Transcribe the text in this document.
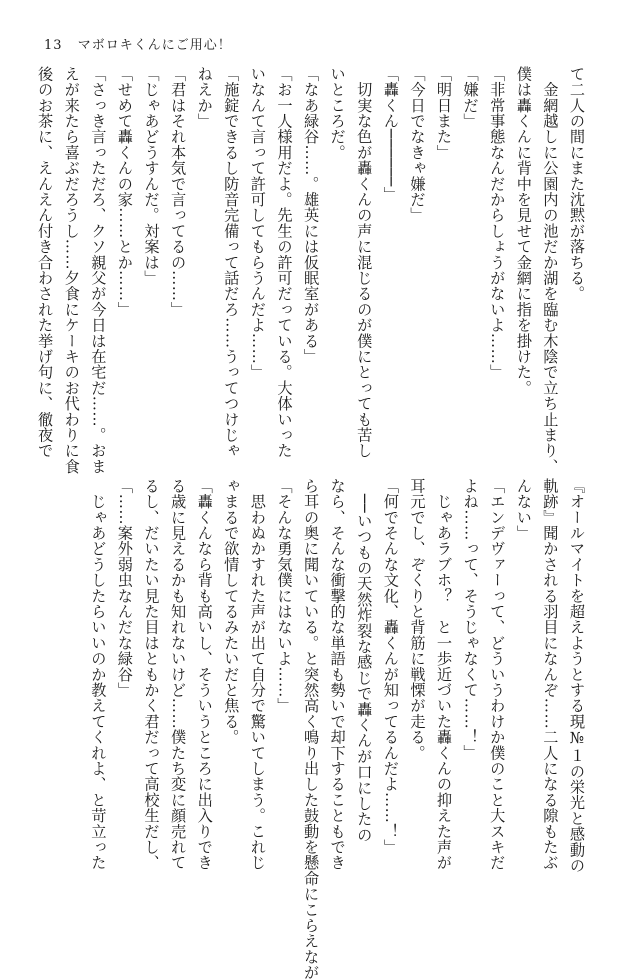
13 マボロキくんにご用心！
て二人の間にまた沈黙が落ちる。
　金網越しに公園内の池だか湖を臨む木陰で立ち止まり、
僕は轟くんに背中を見せて金網に指を掛けた。
「非常事態なんだからしょうがないよ……」
「嫌だ」
「明日また」
「今日でなきゃ嫌だ」
「轟くん──────」
　切実な色が轟くんの声に混じるのが僕にとっても苦し
いところだ。
「なあ緑谷……。雄英には仮眠室がある」
「お一人様用だよ。先生の許可だっている。大体いった
いなんて言って許可してもらうんだよ……」
「施錠できるし防音完備って話だろ……うってつけじゃ
ねえか」
「君はそれ本気で言ってるの……」
「じゃあどうすんだ。対案は」
「せめて轟くんの家……とか……」
「さっき言っただろ、クソ親父が今日は在宅だ……。おま
えが来たら喜ぶだろうし……夕食にケーキのお代わりに食
後のお茶に、えんえん付き合わされた挙げ句に、徹夜で
『オールマイトを超えようとする現№１の栄光と感動の
軌跡』聞かされる羽目になんぞ……二人になる隙もたぶ
んない」
「エンデヴァーって、どういうわけか僕のこと大スキだ
よね……って、そうじゃなくて……！」
　じゃあラブホ？　と一歩近づいた轟くんの抑えた声が
耳元でし、ぞくりと背筋に戦慄が走る。
「何でそんな文化、轟くんが知ってるんだよ……！」
　──いつもの天然炸裂な感じで轟くんが口にしたの
なら、そんな衝撃的な単語も勢いで却下することもでき
ら耳の奥に聞いている。と突然高く鳴り出した鼓動を懸命にこらえなが
「そんな勇気僕にはないよ……」
　思わぬかすれた声が出て自分で驚いてしまう。これじ
ゃまるで欲情してるみたいだと焦る。
「轟くんなら背も高いし、そういうところに出入りでき
る歳に見えるかも知れないけど……僕たち変に顔売れて
るし、だいたい見た目はともかく君だって高校生だし、
「……案外弱虫なんだな緑谷」
　じゃあどうしたらいいのか教えてくれよ、と苛立った
